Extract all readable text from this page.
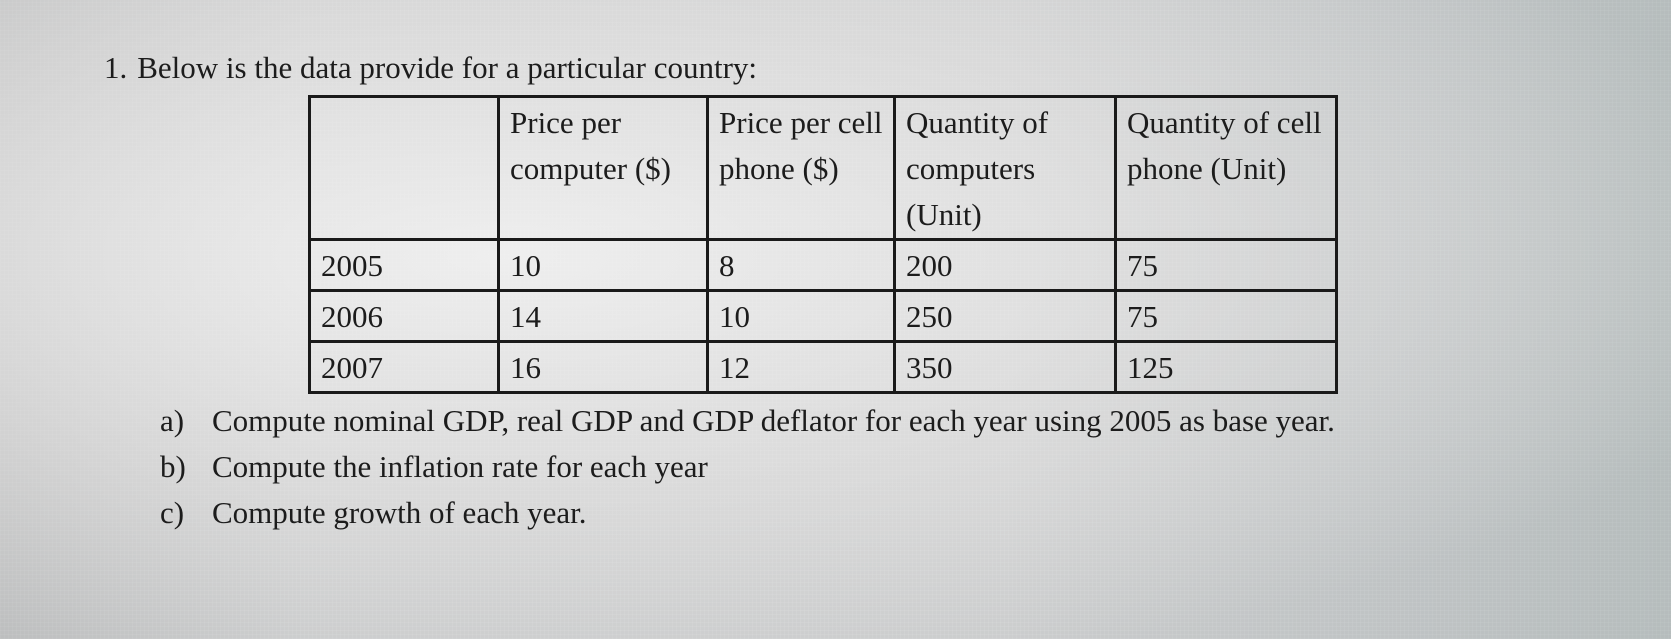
1. Below is the data provide for a particular country:
	Price per computer ($)	Price per cell phone ($)	Quantity of computers (Unit)	Quantity of cell phone (Unit)
2005	10	8	200	75
2006	14	10	250	75
2007	16	12	350	125
a) Compute nominal GDP, real GDP and GDP deflator for each year using 2005 as base year.
b) Compute the inflation rate for each year
c) Compute growth of each year.
